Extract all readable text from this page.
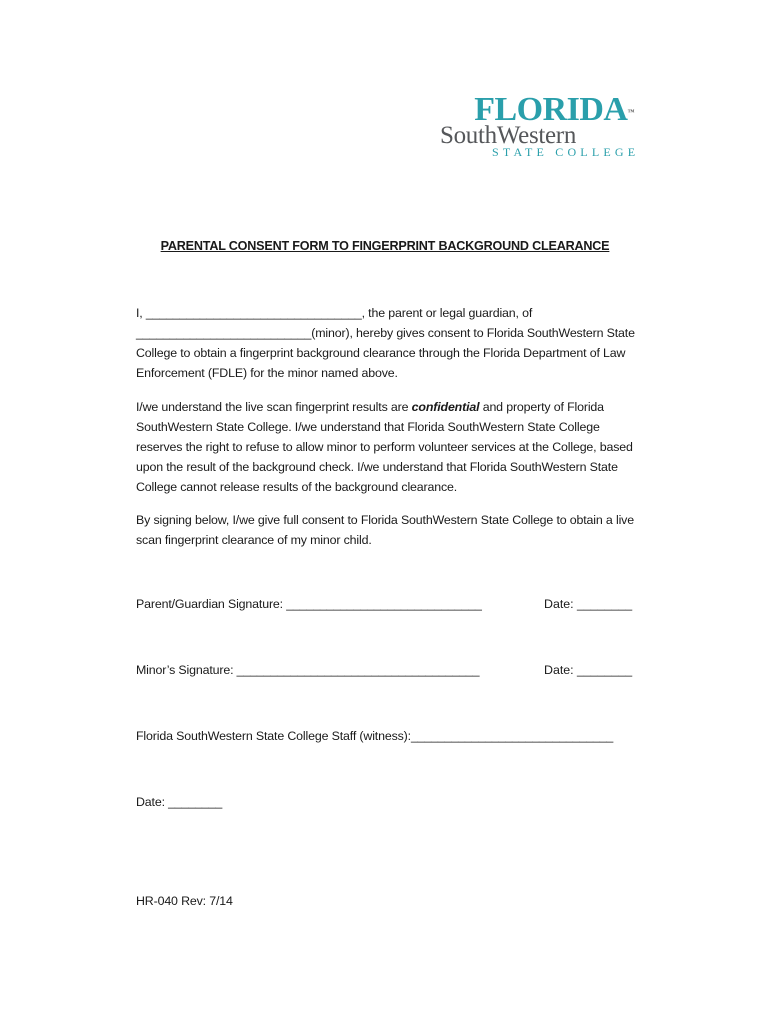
FLORIDA™
SouthWestern
STATE COLLEGE
PARENTAL CONSENT FORM TO FINGERPRINT BACKGROUND CLEARANCE
I, ________________________________, the parent or legal guardian, of __________________________(minor), hereby gives consent to Florida SouthWestern State College to obtain a fingerprint background clearance through the Florida Department of Law Enforcement (FDLE) for the minor named above.
I/we understand the live scan fingerprint results are confidential and property of Florida SouthWestern State College. I/we understand that Florida SouthWestern State College reserves the right to refuse to allow minor to perform volunteer services at the College, based upon the result of the background check. I/we understand that Florida SouthWestern State College cannot release results of the background clearance.
By signing below, I/we give full consent to Florida SouthWestern State College to obtain a live scan fingerprint clearance of my minor child.
Parent/Guardian Signature: _____________________________	Date: ________
Minor’s Signature: ____________________________________	Date: ________
Florida SouthWestern State College Staff (witness):______________________________
Date: ________
HR-040 Rev: 7/14
